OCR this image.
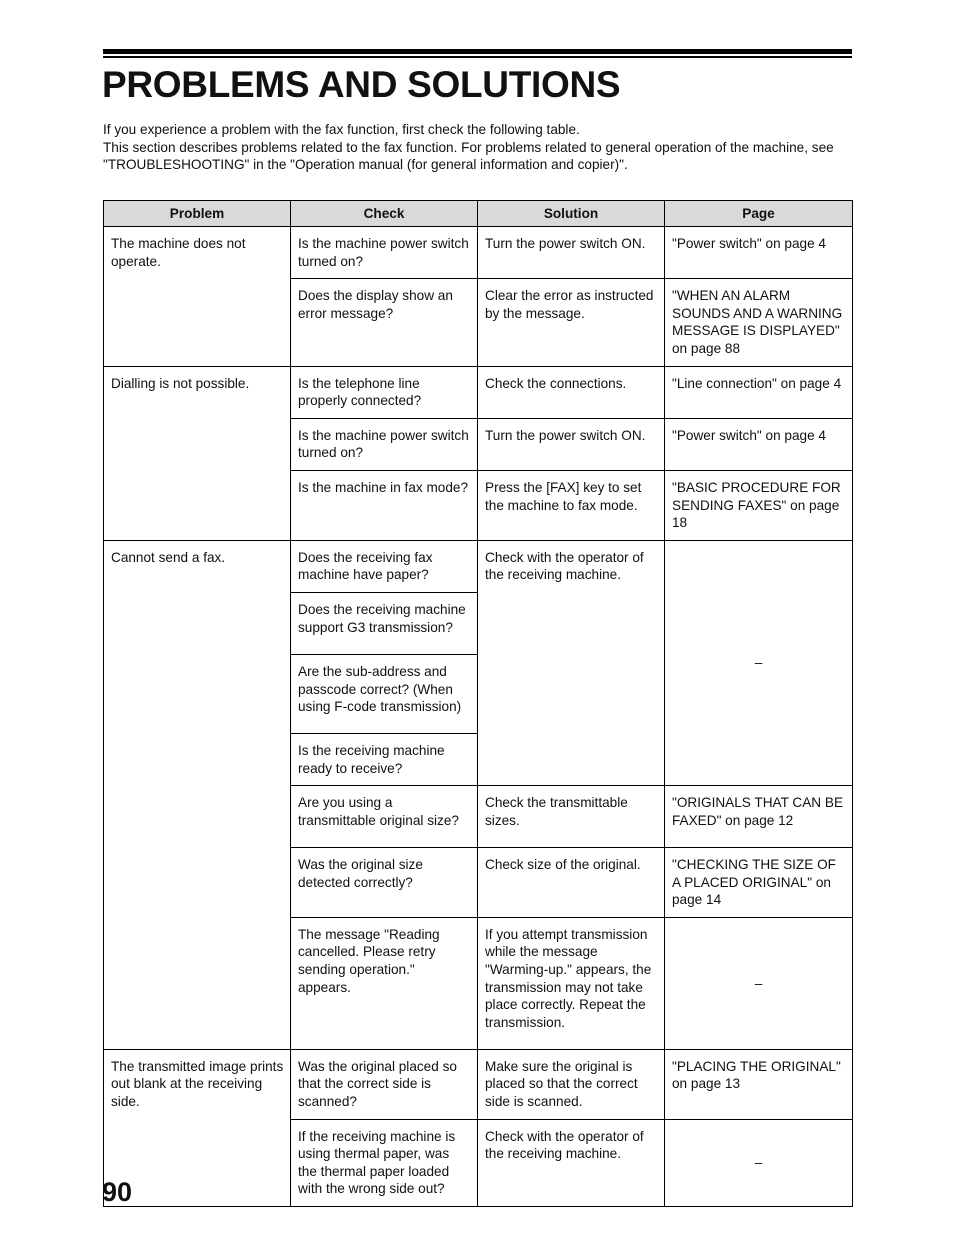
PROBLEMS AND SOLUTIONS

If you experience a problem with the fax function, first check the following table.

This section describes problems related to the fax function. For problems related to general operation of the machine, see "TROUBLESHOOTING" in the "Operation manual (for general information and copier)".

Problem	Check	Solution	Page
The machine does not operate.	Is the machine power switch turned on?	Turn the power switch ON.	"Power switch" on page 4
	Does the display show an error message?	Clear the error as instructed by the message.	"WHEN AN ALARM SOUNDS AND A WARNING MESSAGE IS DISPLAYED" on page 88
Dialling is not possible.	Is the telephone line properly connected?	Check the connections.	"Line connection" on page 4
	Is the machine power switch turned on?	Turn the power switch ON.	"Power switch" on page 4
	Is the machine in fax mode?	Press the [FAX] key to set the machine to fax mode.	"BASIC PROCEDURE FOR SENDING FAXES" on page 18
Cannot send a fax.	Does the receiving fax machine have paper?	Check with the operator of the receiving machine.	–
	Does the receiving machine support G3 transmission?		
	Are the sub-address and passcode correct? (When using F-code transmission)		
	Is the receiving machine ready to receive?		
	Are you using a transmittable original size?	Check the transmittable sizes.	"ORIGINALS THAT CAN BE FAXED" on page 12
	Was the original size detected correctly?	Check size of the original.	"CHECKING THE SIZE OF A PLACED ORIGINAL" on page 14
	The message "Reading cancelled. Please retry sending operation." appears.	If you attempt transmission while the message "Warming-up." appears, the transmission may not take place correctly. Repeat the transmission.	–
The transmitted image prints out blank at the receiving side.	Was the original placed so that the correct side is scanned?	Make sure the original is placed so that the correct side is scanned.	"PLACING THE ORIGINAL" on page 13
	If the receiving machine is using thermal paper, was the thermal paper loaded with the wrong side out?	Check with the operator of the receiving machine.	–
90
